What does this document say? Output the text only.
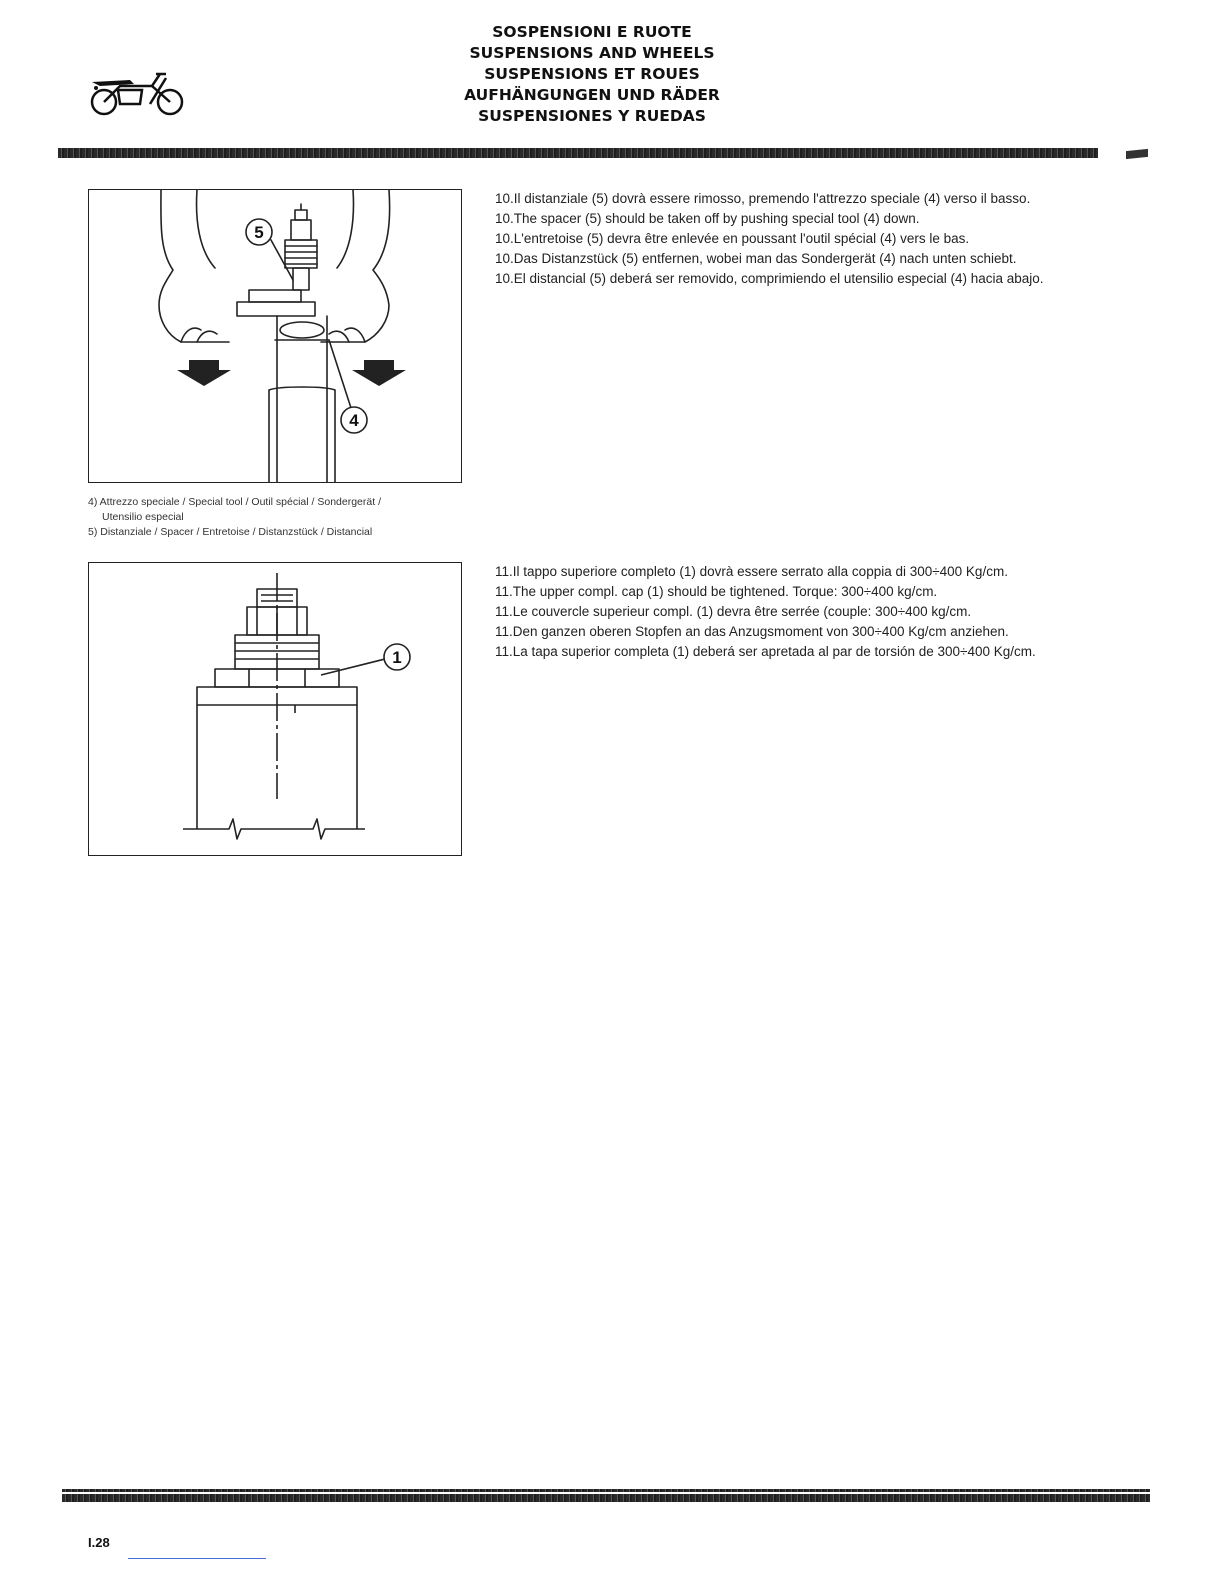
SOSPENSIONI E RUOTE
SUSPENSIONS AND WHEELS
SUSPENSIONS ET ROUES
AUFHÄNGUNGEN UND RÄDER
SUSPENSIONES Y RUEDAS
5
4
4) Attrezzo speciale / Special tool / Outil spécial / Sondergerät /
Utensilio especial
5) Distanziale / Spacer / Entretoise / Distanzstück / Distancial

10.Il distanziale (5) dovrà essere rimosso, premendo l'attrezzo speciale (4) verso il basso.

10.The spacer (5) should be taken off by pushing special tool (4) down.

10.L'entretoise (5) devra être enlevée en poussant l'outil spécial (4) vers le bas.

10.Das Distanzstück (5) entfernen, wobei man das Sondergerät (4) nach unten schiebt.

10.El distancial (5) deberá ser removido, comprimiendo el utensilio especial (4) hacia abajo.

1

11.Il tappo superiore completo (1) dovrà essere serrato alla coppia di 300÷400 Kg/cm.

11.The upper compl. cap (1) should be tightened. Torque: 300÷400 kg/cm.

11.Le couvercle superieur compl. (1) devra être serrée (couple: 300÷400 kg/cm.

11.Den ganzen oberen Stopfen an das Anzugsmoment von 300÷400 Kg/cm anziehen.

11.La tapa superior completa (1) deberá ser apretada al par de torsión de 300÷400 Kg/cm.

I.28
